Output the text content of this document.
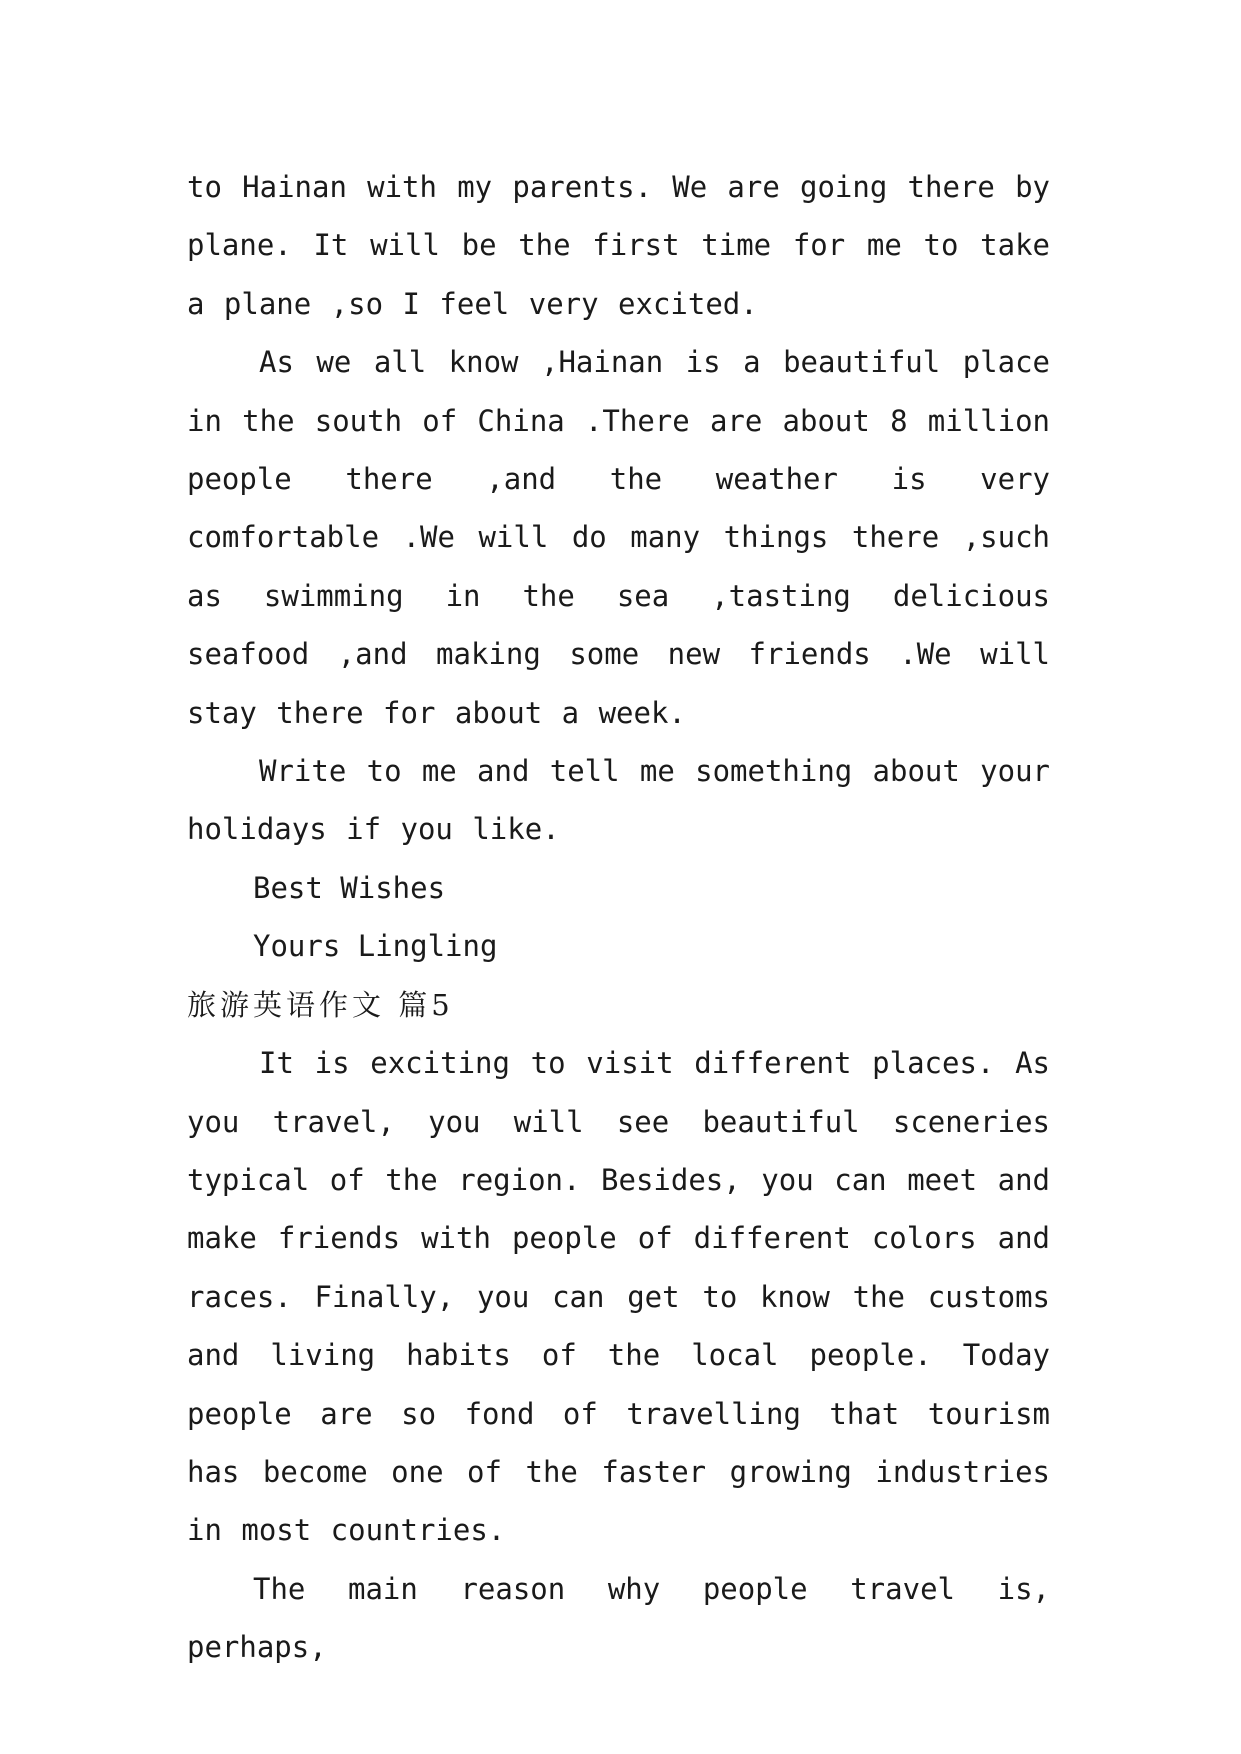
to Hainan with my parents. We are going there by plane. It will be the first time for me to take a plane ,so I feel very excited.

As we all know ,Hainan is a beautiful place in the south of China .There are about 8 million people there ,and the weather is very comfortable .We will do many things there ,such as swimming in the sea ,tasting delicious seafood ,and making some new friends .We will stay there for about a week.

Write to me and tell me something about your holidays if you like.

Best Wishes

Yours Lingling

旅游英语作文 篇5

It is exciting to visit different places. As you travel, you will see beautiful sceneries typical of the region. Besides, you can meet and make friends with people of different colors and races. Finally, you can get to know the customs and living habits of the local people. Today people are so fond of travelling that tourism has become one of the faster growing industries in most countries.

The main reason why people travel is, perhaps,
